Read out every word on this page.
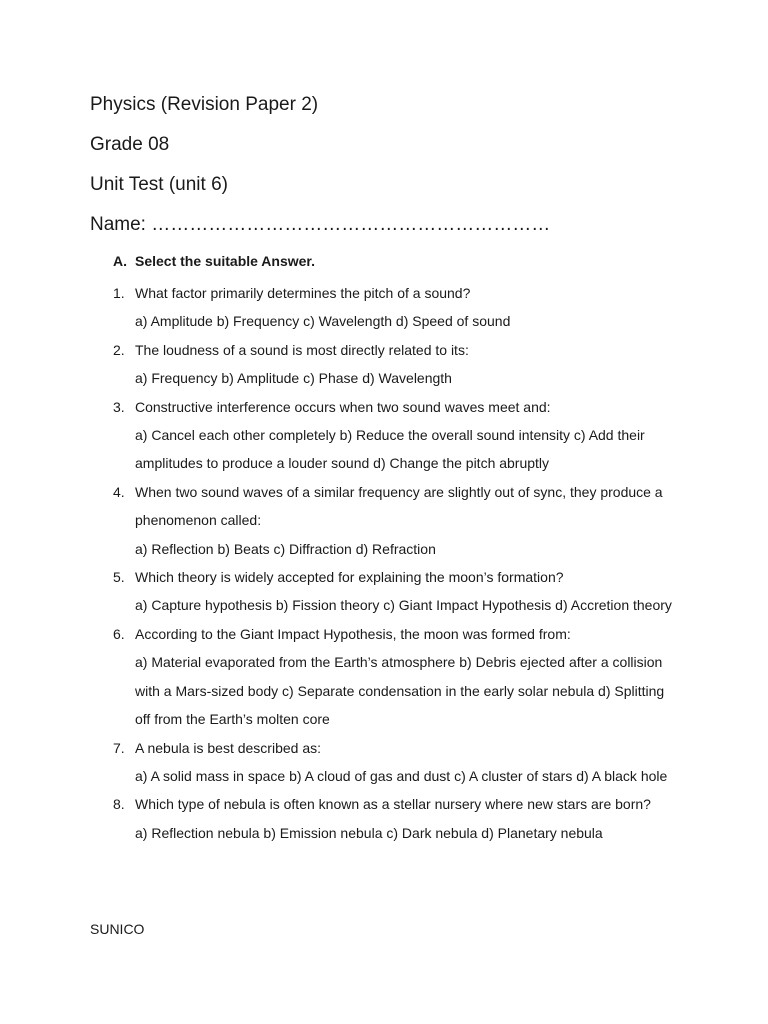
Physics (Revision Paper 2)
Grade 08
Unit Test (unit 6)
Name: ………………………………………………………
A. Select the suitable Answer.
1. What factor primarily determines the pitch of a sound?
a) Amplitude b) Frequency c) Wavelength d) Speed of sound
2. The loudness of a sound is most directly related to its:
a) Frequency b) Amplitude c) Phase d) Wavelength
3. Constructive interference occurs when two sound waves meet and:
a) Cancel each other completely b) Reduce the overall sound intensity c) Add their amplitudes to produce a louder sound d) Change the pitch abruptly
4. When two sound waves of a similar frequency are slightly out of sync, they produce a phenomenon called:
a) Reflection b) Beats c) Diffraction d) Refraction
5. Which theory is widely accepted for explaining the moon’s formation?
a) Capture hypothesis b) Fission theory c) Giant Impact Hypothesis d) Accretion theory
6. According to the Giant Impact Hypothesis, the moon was formed from:
a) Material evaporated from the Earth’s atmosphere b) Debris ejected after a collision with a Mars-sized body c) Separate condensation in the early solar nebula d) Splitting off from the Earth’s molten core
7. A nebula is best described as:
a) A solid mass in space b) A cloud of gas and dust c) A cluster of stars d) A black hole
8. Which type of nebula is often known as a stellar nursery where new stars are born?
a) Reflection nebula b) Emission nebula c) Dark nebula d) Planetary nebula
SUNICO
